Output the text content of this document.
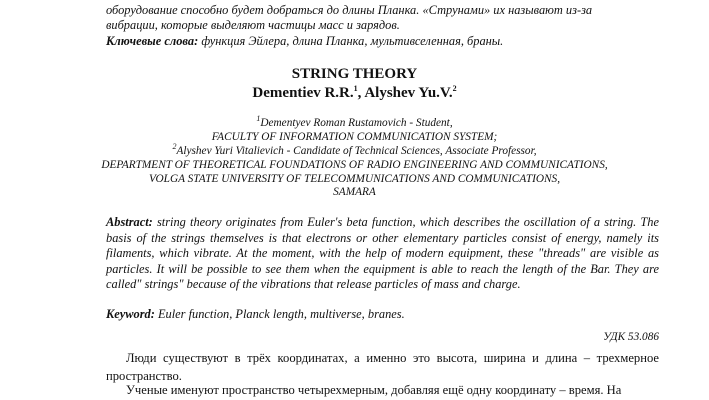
оборудование способно будет добраться до длины Планка. «Струнами» их называют из-за
вибрации, которые выделяют частицы масс и зарядов.
Ключевые слова: функция Эйлера, длина Планка, мультивселенная, браны.
STRING THEORY
Dementiev R.R.$^1$, Alyshev Yu.V.$^2$
$^1$Dementyev Roman Rustamovich - Student,
FACULTY OF INFORMATION COMMUNICATION SYSTEM;
$^2$Alyshev Yuri Vitalievich - Candidate of Technical Sciences, Associate Professor,
DEPARTMENT OF THEORETICAL FOUNDATIONS OF RADIO ENGINEERING AND COMMUNICATIONS,
VOLGA STATE UNIVERSITY OF TELECOMMUNICATIONS AND COMMUNICATIONS,
SAMARA
Abstract: string theory originates from Euler's beta function, which describes the oscillation of a string. The basis of the strings themselves is that electrons or other elementary particles consist of energy, namely its filaments, which vibrate. At the moment, with the help of modern equipment, these "threads" are visible as particles. It will be possible to see them when the equipment is able to reach the length of the Bar. They are called" strings" because of the vibrations that release particles of mass and charge.
Keyword: Euler function, Planck length, multiverse, branes.
УДК 53.086
Люди существуют в трёх координатах, а именно это высота, ширина и длина – трехмерное пространство.
Ученые именуют пространство четырехмерным, добавляя ещё одну координату – время. На
